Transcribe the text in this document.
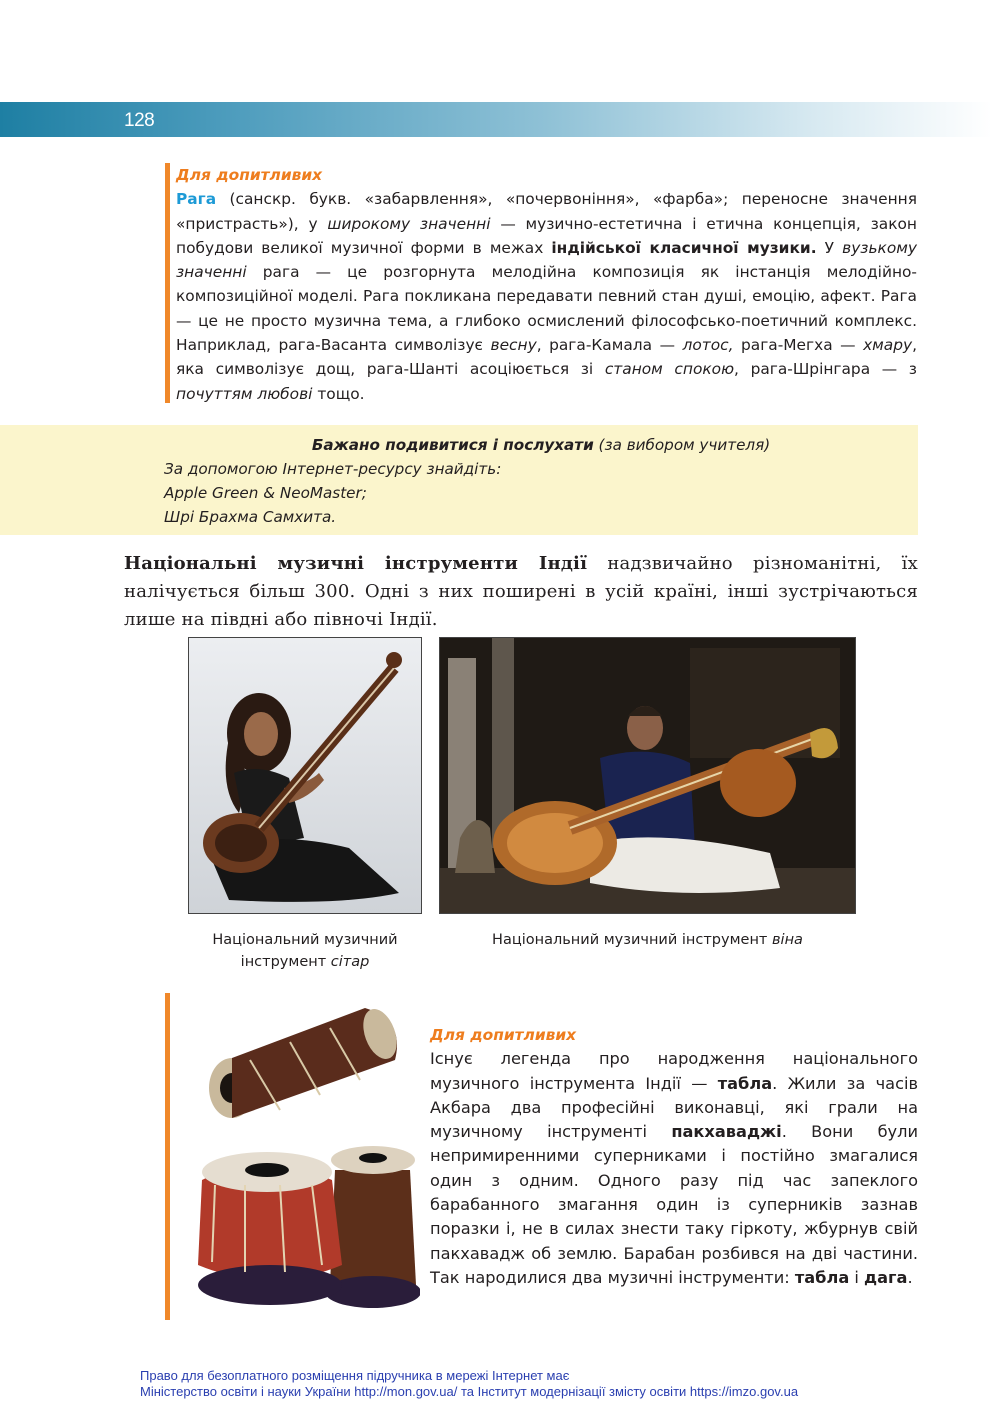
128
Для допитливих
Рага (санскр. букв. «забарвлення», «почервоніння», «фарба»; переносне значення «пристрасть»), у широкому значенні — музично-естетична і етична концепція, закон побудови великої музичної форми в межах індійської класичної музики. У вузькому значенні рага — це розгорнута мелодійна композиція як інстанція мелодійно-композиційної моделі. Рага покликана передавати певний стан душі, емоцію, афект. Рага — це не просто музична тема, а глибоко осмислений філософсько-поетичний комплекс. Наприклад, рага-Васанта символізує весну, рага-Камала — лотос, рага-Мегха — хмару, яка символізує дощ, рага-Шанті асоціюється зі станом спокою, рага-Шрінгара — з почуттям любові тощо.
Бажано подивитися і послухати (за вибором учителя)
За допомогою Інтернет-ресурсу знайдіть:
Apple Green & NeoMaster;
Шрі Брахма Самхита.
Національні музичні інструменти Індії надзвичайно різноманітні, їх налічується більш 300. Одні з них поширені в усій країні, інші зустрічаються лише на півдні або півночі Індії.
Національний музичний інструмент сітар
Національний музичний інструмент віна
Для допитливих
Існує легенда про народження національного музичного інструмента Індії — табла. Жили за часів Акбара два професійні виконавці, які грали на музичному інструменті пакхаваджі. Вони були непримиренними суперниками і постійно змагалися один з одним. Одного разу під час запеклого барабанного змагання один із суперників зазнав поразки і, не в силах знести таку гіркоту, жбурнув свій пакхавадж об землю. Барабан розбився на дві частини. Так народилися два музичні інструменти: табла і дага.
Право для безоплатного розміщення підручника в мережі Інтернет має
Міністерство освіти і науки України http://mon.gov.ua/ та Інститут модернізації змісту освіти https://imzo.gov.ua
